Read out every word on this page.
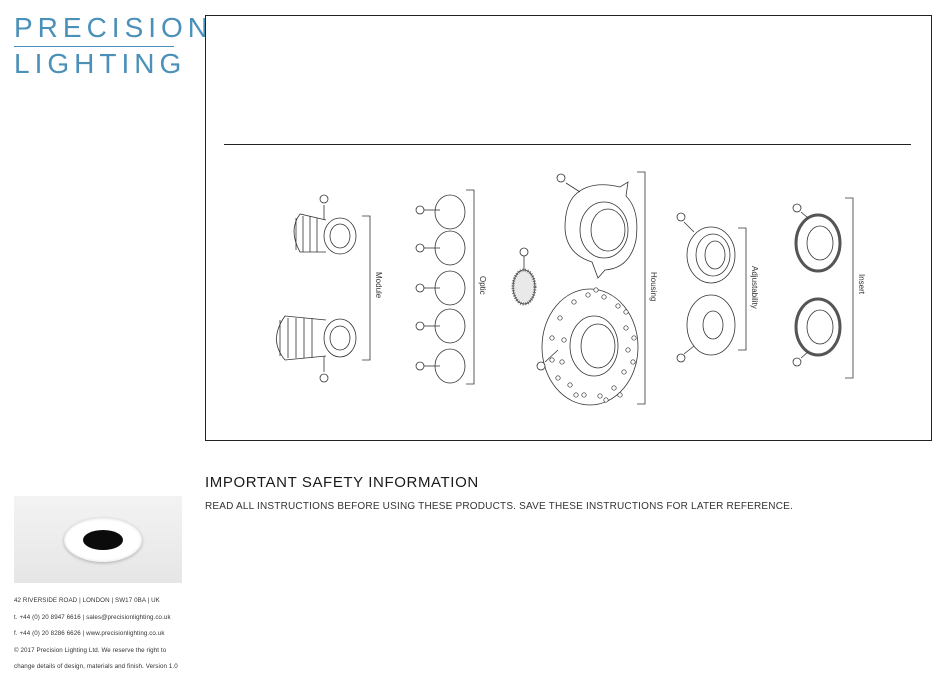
PRECISION
LIGHTING
Module	Optic	Housing	Adjustability	Insert
IMPORTANT SAFETY INFORMATION
READ ALL INSTRUCTIONS BEFORE USING THESE PRODUCTS. SAVE THESE INSTRUCTIONS FOR LATER REFERENCE.
42 RIVERSIDE ROAD | LONDON | SW17 0BA | UK
t. +44 (0) 20 8947 6616 | sales@precisionlighting.co.uk
f. +44 (0) 20 8286 6626 | www.precisionlighting.co.uk
© 2017 Precision Lighting Ltd. We reserve the right to
change details of design, materials and finish. Version 1.0
